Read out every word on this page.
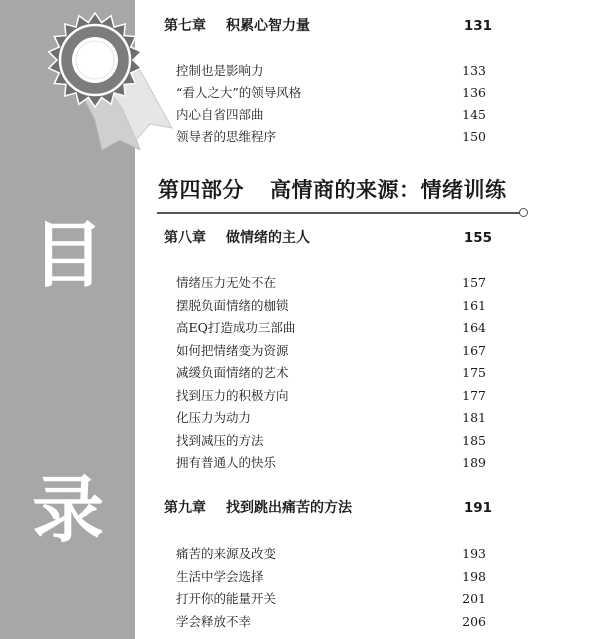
目
录
第七章 积累心智力量	131
控制也是影响力	133
“看人之大”的领导风格	136
内心自省四部曲	145
领导者的思维程序	150
第四部分 高情商的来源：情绪训练
第八章 做情绪的主人	155
情绪压力无处不在	157
摆脱负面情绪的枷锁	161
高EQ打造成功三部曲	164
如何把情绪变为资源	167
减缓负面情绪的艺术	175
找到压力的积极方向	177
化压力为动力	181
找到减压的方法	185
拥有普通人的快乐	189
第九章 找到跳出痛苦的方法	191
痛苦的来源及改变	193
生活中学会选择	198
打开你的能量开关	201
学会释放不幸	206
